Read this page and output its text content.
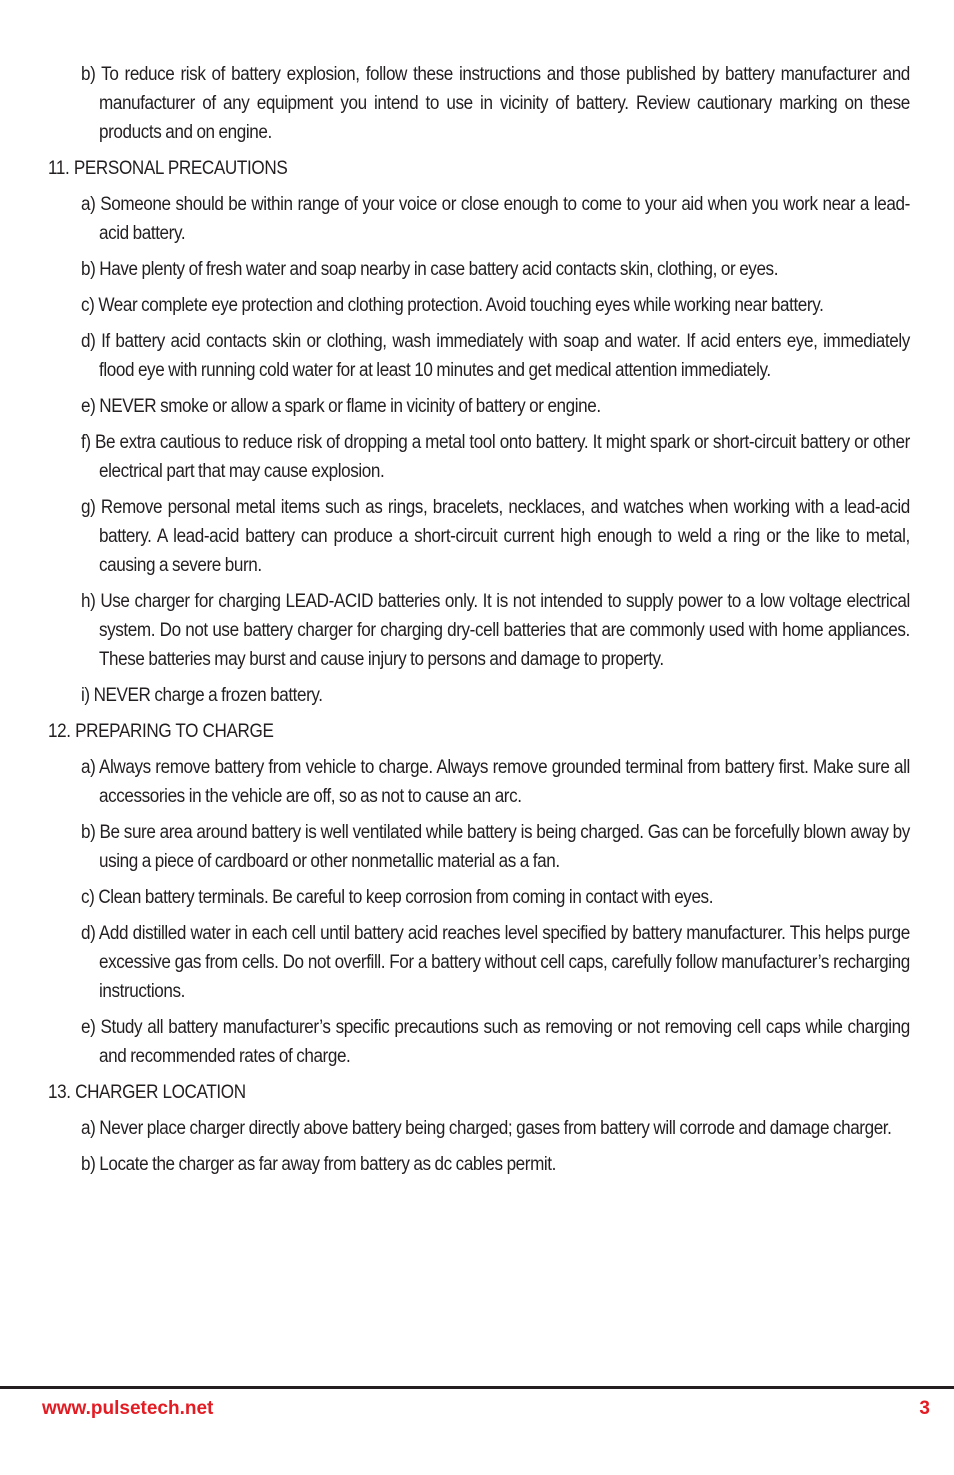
b) To reduce risk of battery explosion, follow these instructions and those published by battery manufacturer and manufacturer of any equipment you intend to use in vicinity of battery. Review cautionary marking on these products and on engine.

11. PERSONAL PRECAUTIONS

a) Someone should be within range of your voice or close enough to come to your aid when you work near a lead-acid battery.

b) Have plenty of fresh water and soap nearby in case battery acid contacts skin, clothing, or eyes.

c) Wear complete eye protection and clothing protection. Avoid touching eyes while working near battery.

d) If battery acid contacts skin or clothing, wash immediately with soap and water. If acid enters eye, immediately flood eye with running cold water for at least 10 minutes and get medical attention immediately.

e) NEVER smoke or allow a spark or flame in vicinity of battery or engine.

f) Be extra cautious to reduce risk of dropping a metal tool onto battery. It might spark or short-circuit battery or other electrical part that may cause explosion.

g) Remove personal metal items such as rings, bracelets, necklaces, and watches when working with a lead-acid battery. A lead-acid battery can produce a short-circuit current high enough to weld a ring or the like to metal, causing a severe burn.

h) Use charger for charging LEAD-ACID batteries only. It is not intended to supply power to a low voltage electrical system. Do not use battery charger for charging dry-cell batteries that are commonly used with home appliances. These batteries may burst and cause injury to persons and damage to property.

i) NEVER charge a frozen battery.

12. PREPARING TO CHARGE

a) Always remove battery from vehicle to charge. Always remove grounded terminal from battery first. Make sure all accessories in the vehicle are off, so as not to cause an arc.

b) Be sure area around battery is well ventilated while battery is being charged. Gas can be forcefully blown away by using a piece of cardboard or other nonmetallic material as a fan.

c) Clean battery terminals. Be careful to keep corrosion from coming in contact with eyes.

d) Add distilled water in each cell until battery acid reaches level specified by battery manufacturer. This helps purge excessive gas from cells. Do not overfill. For a battery without cell caps, carefully follow manufacturer’s recharging instructions.

e) Study all battery manufacturer’s specific precautions such as removing or not removing cell caps while charging and recommended rates of charge.

13. CHARGER LOCATION

a) Never place charger directly above battery being charged; gases from battery will corrode and damage charger.

b) Locate the charger as far away from battery as dc cables permit.

www.pulsetech.net	3
